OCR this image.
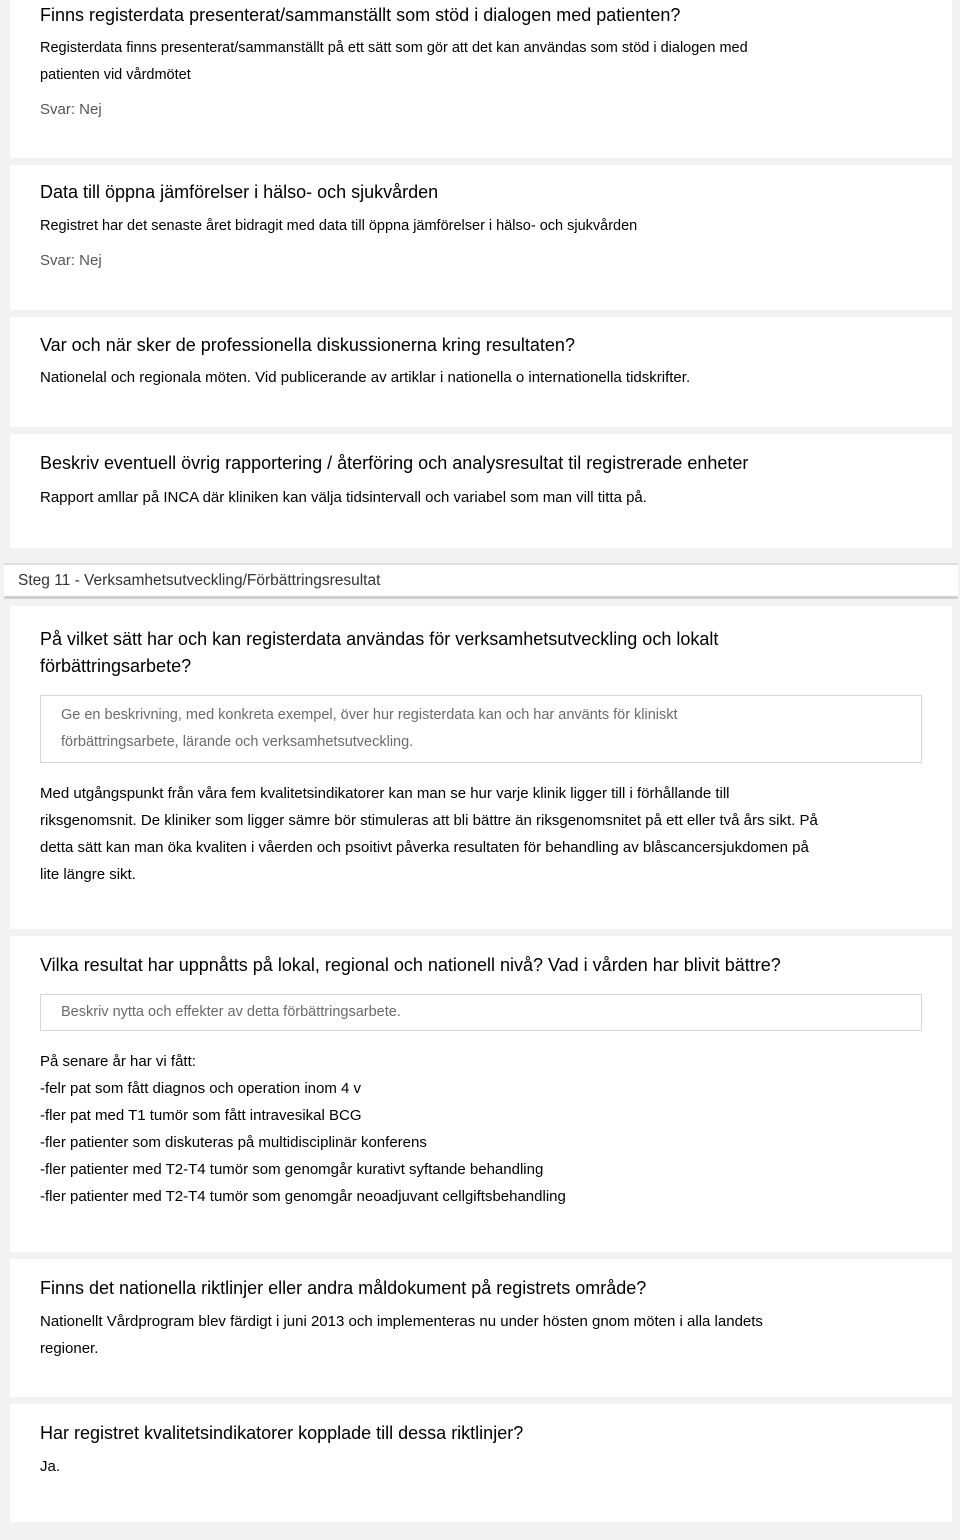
Finns registerdata presenterat/sammanställt som stöd i dialogen med patienten?

Registerdata finns presenterat/sammanställt på ett sätt som gör att det kan användas som stöd i dialogen med

patienten vid vårdmötet

Svar: Nej

Data till öppna jämförelser i hälso- och sjukvården

Registret har det senaste året bidragit med data till öppna jämförelser i hälso- och sjukvården

Svar: Nej

Var och när sker de professionella diskussionerna kring resultaten?

Nationelal och regionala möten. Vid publicerande av artiklar i nationella o internationella tidskrifter.

Beskriv eventuell övrig rapportering / återföring och analysresultat til registrerade enheter

Rapport amllar på INCA där kliniken kan välja tidsintervall och variabel som man vill titta på.

Steg 11 - Verksamhetsutveckling/Förbättringsresultat
På vilket sätt har och kan registerdata användas för verksamhetsutveckling och lokalt
förbättringsarbete?
Ge en beskrivning, med konkreta exempel, över hur registerdata kan och har använts för kliniskt
förbättringsarbete, lärande och verksamhetsutveckling.

Med utgångspunkt från våra fem kvalitetsindikatorer kan man se hur varje klinik ligger till i förhållande till

riksgenomsnit. De kliniker som ligger sämre bör stimuleras att bli bättre än riksgenomsnitet på ett eller två års sikt. På

detta sätt kan man öka kvaliten i våerden och psoitivt påverka resultaten för behandling av blåscancersjukdomen på

lite längre sikt.

Vilka resultat har uppnåtts på lokal, regional och nationell nivå? Vad i vården har blivit bättre?
Beskriv nytta och effekter av detta förbättringsarbete.

På senare år har vi fått:

-felr pat som fått diagnos och operation inom 4 v

-fler pat med T1 tumör som fått intravesikal BCG

-fler patienter som diskuteras på multidisciplinär konferens

-fler patienter med T2-T4 tumör som genomgår kurativt syftande behandling

-fler patienter med T2-T4 tumör som genomgår neoadjuvant cellgiftsbehandling

Finns det nationella riktlinjer eller andra måldokument på registrets område?

Nationellt Vårdprogram blev färdigt i juni 2013 och implementeras nu under hösten gnom möten i alla landets

regioner.

Har registret kvalitetsindikatorer kopplade till dessa riktlinjer?

Ja.
